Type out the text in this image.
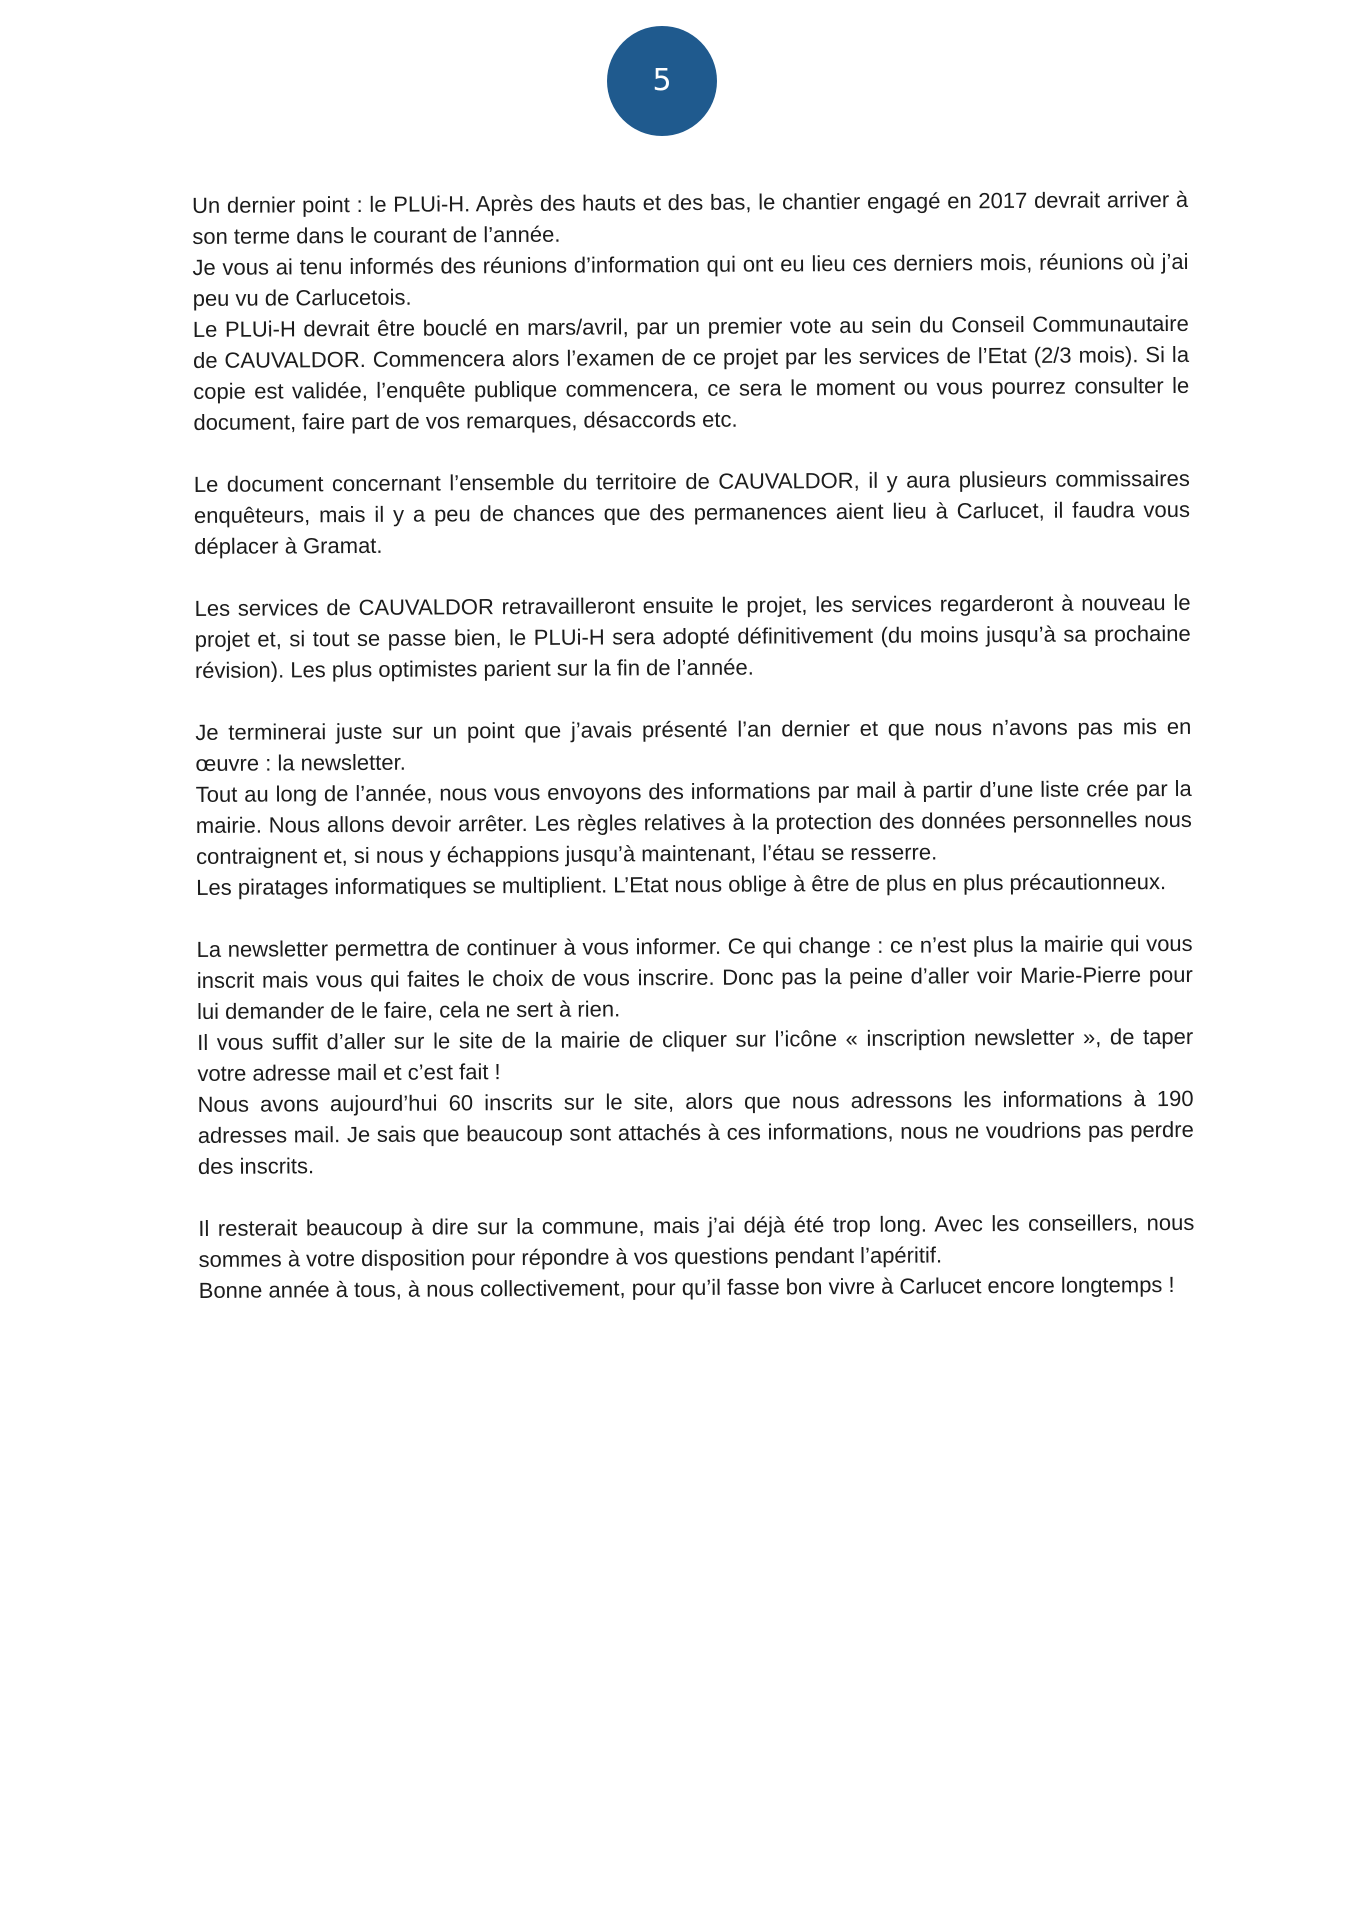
5

Un dernier point : le PLUi-H. Après des hauts et des bas, le chantier engagé en 2017 devrait arriver à son terme dans le courant de l’année.

Je vous ai tenu informés des réunions d’information qui ont eu lieu ces derniers mois, réunions où j’ai peu vu de Carlucetois.

Le PLUi-H devrait être bouclé en mars/avril, par un premier vote au sein du Conseil Communautaire de CAUVALDOR. Commencera alors l’examen de ce projet par les services de l’Etat (2/3 mois). Si la copie est validée, l’enquête publique commencera, ce sera le moment ou vous pourrez consulter le document, faire part de vos remarques, désaccords etc.

Le document concernant l’ensemble du territoire de CAUVALDOR, il y aura plusieurs commissaires enquêteurs, mais il y a peu de chances que des permanences aient lieu à Carlucet, il faudra vous déplacer à Gramat.

Les services de CAUVALDOR retravailleront ensuite le projet, les services regarderont à nouveau le projet et, si tout se passe bien, le PLUi-H sera adopté définitivement (du moins jusqu’à sa prochaine révision). Les plus optimistes parient sur la fin de l’année.

Je terminerai juste sur un point que j’avais présenté l’an dernier et que nous n’avons pas mis en œuvre : la newsletter.

Tout au long de l’année, nous vous envoyons des informations par mail à partir d’une liste crée par la mairie. Nous allons devoir arrêter. Les règles relatives à la protection des données personnelles nous contraignent et, si nous y échappions jusqu’à maintenant, l’étau se resserre.

Les piratages informatiques se multiplient. L’Etat nous oblige à être de plus en plus précautionneux.

La newsletter permettra de continuer à vous informer. Ce qui change : ce n’est plus la mairie qui vous inscrit mais vous qui faites le choix de vous inscrire. Donc pas la peine d’aller voir Marie-Pierre pour lui demander de le faire, cela ne sert à rien.

Il vous suffit d’aller sur le site de la mairie de cliquer sur l’icône « inscription newsletter », de taper votre adresse mail et c’est fait !

Nous avons aujourd’hui 60 inscrits sur le site, alors que nous adressons les informations à 190 adresses mail. Je sais que beaucoup sont attachés à ces informations, nous ne voudrions pas perdre des inscrits.

Il resterait beaucoup à dire sur la commune, mais j’ai déjà été trop long. Avec les conseillers, nous sommes à votre disposition pour répondre à vos questions pendant l’apéritif.

Bonne année à tous, à nous collectivement, pour qu’il fasse bon vivre à Carlucet encore longtemps !
